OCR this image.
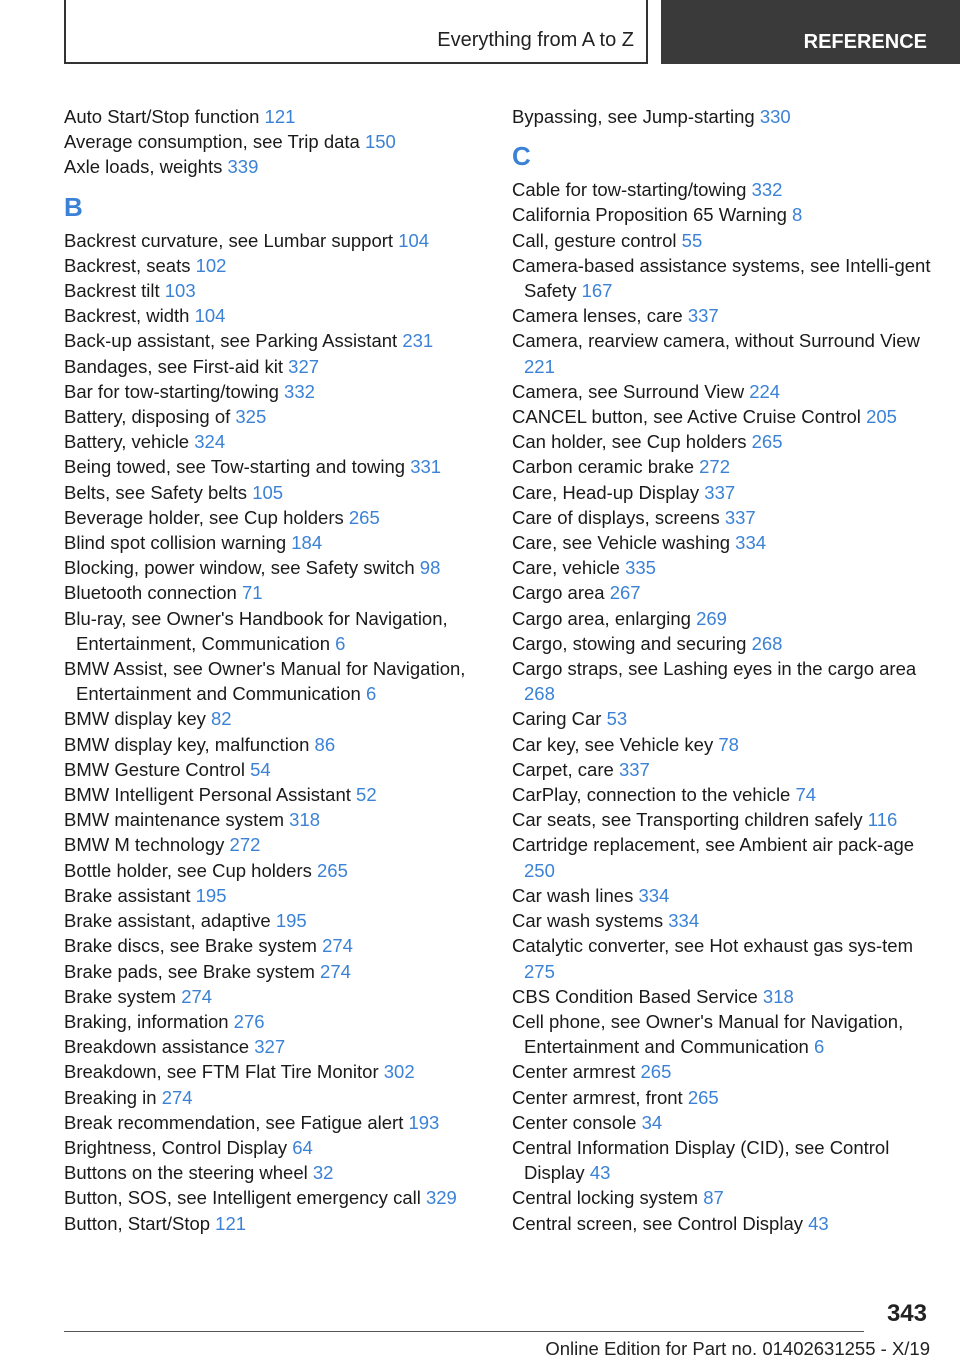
Everything from A to Z	REFERENCE
Auto Start/Stop function 121
Average consumption, see Trip data 150
Axle loads, weights 339
B
Backrest curvature, see Lumbar support 104
Backrest, seats 102
Backrest tilt 103
Backrest, width 104
Back-up assistant, see Parking Assistant 231
Bandages, see First-aid kit 327
Bar for tow-starting/towing 332
Battery, disposing of 325
Battery, vehicle 324
Being towed, see Tow-starting and towing 331
Belts, see Safety belts 105
Beverage holder, see Cup holders 265
Blind spot collision warning 184
Blocking, power window, see Safety switch 98
Bluetooth connection 71
Blu-ray, see Owner's Handbook for Navigation, Entertainment, Communication 6
BMW Assist, see Owner's Manual for Navigation, Entertainment and Communication 6
BMW display key 82
BMW display key, malfunction 86
BMW Gesture Control 54
BMW Intelligent Personal Assistant 52
BMW maintenance system 318
BMW M technology 272
Bottle holder, see Cup holders 265
Brake assistant 195
Brake assistant, adaptive 195
Brake discs, see Brake system 274
Brake pads, see Brake system 274
Brake system 274
Braking, information 276
Breakdown assistance 327
Breakdown, see FTM Flat Tire Monitor 302
Breaking in 274
Break recommendation, see Fatigue alert 193
Brightness, Control Display 64
Buttons on the steering wheel 32
Button, SOS, see Intelligent emergency call 329
Button, Start/Stop 121
Bypassing, see Jump-starting 330
C
Cable for tow-starting/towing 332
California Proposition 65 Warning 8
Call, gesture control 55
Camera-based assistance systems, see Intelli-gent Safety 167
Camera lenses, care 337
Camera, rearview camera, without Surround View 221
Camera, see Surround View 224
CANCEL button, see Active Cruise Control 205
Can holder, see Cup holders 265
Carbon ceramic brake 272
Care, Head-up Display 337
Care of displays, screens 337
Care, see Vehicle washing 334
Care, vehicle 335
Cargo area 267
Cargo area, enlarging 269
Cargo, stowing and securing 268
Cargo straps, see Lashing eyes in the cargo area 268
Caring Car 53
Car key, see Vehicle key 78
Carpet, care 337
CarPlay, connection to the vehicle 74
Car seats, see Transporting children safely 116
Cartridge replacement, see Ambient air pack-age 250
Car wash lines 334
Car wash systems 334
Catalytic converter, see Hot exhaust gas sys-tem 275
CBS Condition Based Service 318
Cell phone, see Owner's Manual for Navigation, Entertainment and Communication 6
Center armrest 265
Center armrest, front 265
Center console 34
Central Information Display (CID), see Control Display 43
Central locking system 87
Central screen, see Control Display 43
343
Online Edition for Part no. 01402631255 - X/19
